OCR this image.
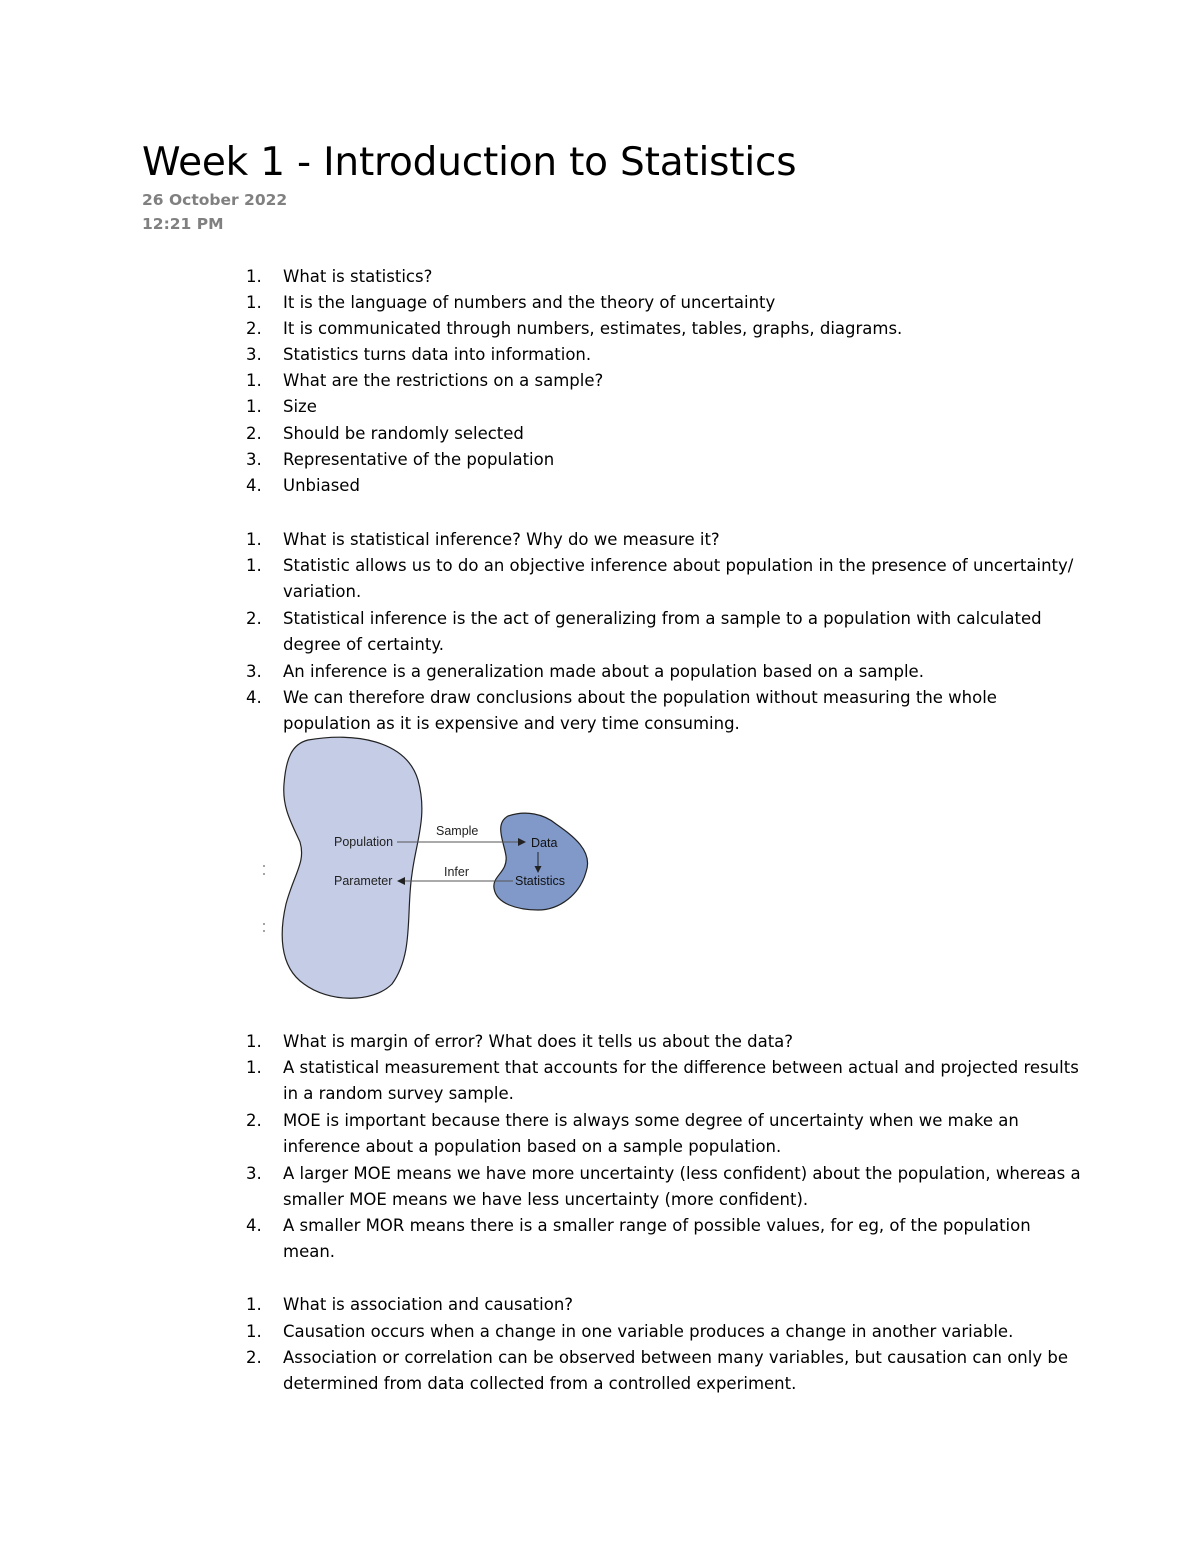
Week 1 - Introduction to Statistics
26 October 2022
12:21 PM
1. What is statistics?
1. It is the language of numbers and the theory of uncertainty
2. It is communicated through numbers, estimates, tables, graphs, diagrams.
3. Statistics turns data into information.
1. What are the restrictions on a sample?
1. Size
2. Should be randomly selected
3. Representative of the population
4. Unbiased
1. What is statistical inference? Why do we measure it?
1. Statistic allows us to do an objective inference about population in the presence of uncertainty/ variation.
2. Statistical inference is the act of generalizing from a sample to a population with calculated degree of certainty.
3. An inference is a generalization made about a population based on a sample.
4. We can therefore draw conclusions about the population without measuring the whole population as it is expensive and very time consuming.
Population
Parameter
Sample
Infer
Data
Statistics
1. What is margin of error? What does it tells us about the data?
1. A statistical measurement that accounts for the difference between actual and projected results in a random survey sample.
2. MOE is important because there is always some degree of uncertainty when we make an inference about a population based on a sample population.
3. A larger MOE means we have more uncertainty (less confident) about the population, whereas a smaller MOE means we have less uncertainty (more confident).
4. A smaller MOR means there is a smaller range of possible values, for eg, of the population mean.
1. What is association and causation?
1. Causation occurs when a change in one variable produces a change in another variable.
2. Association or correlation can be observed between many variables, but causation can only be determined from data collected from a controlled experiment.
